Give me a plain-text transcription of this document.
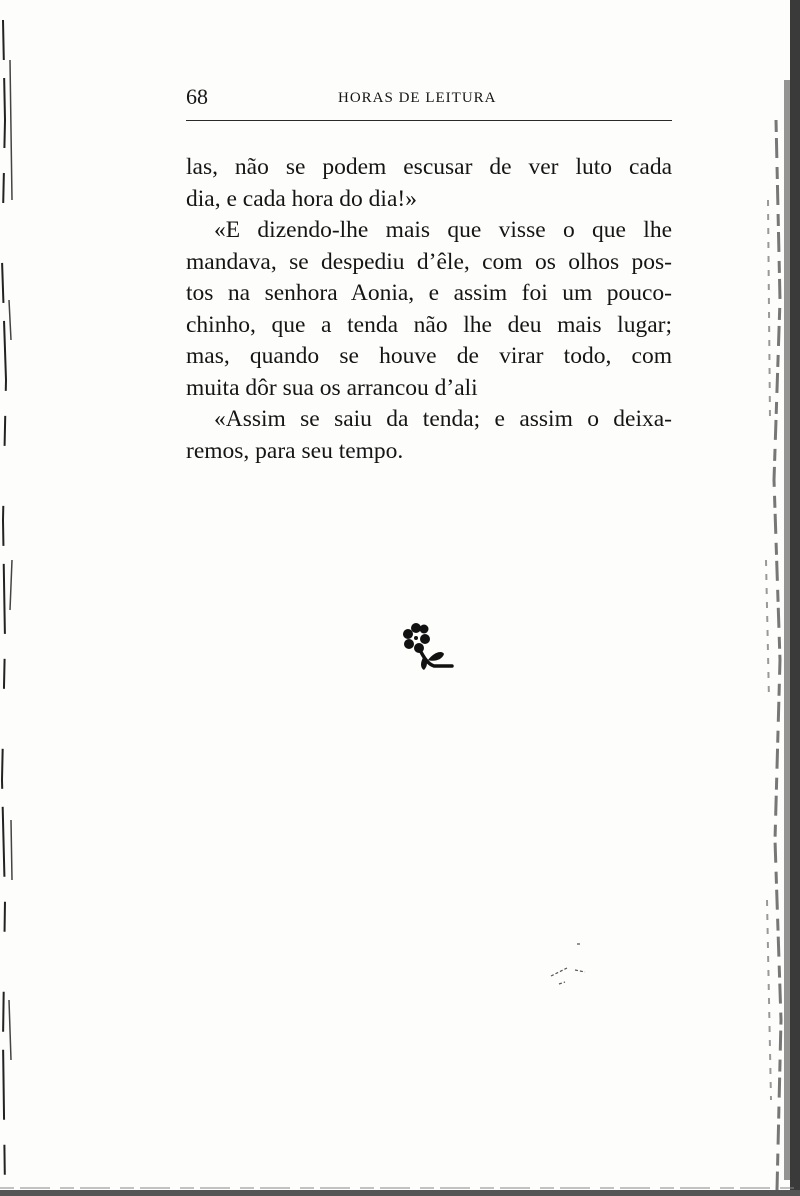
68	HORAS DE LEITURA
las, não se podem escusar de ver luto cada
dia, e cada hora do dia!»
«E dizendo-lhe mais que visse o que lhe
mandava, se despediu d’êle, com os olhos pos-
tos na senhora Aonia, e assim foi um pouco-
chinho, que a tenda não lhe deu mais lugar;
mas, quando se houve de virar todo, com
muita dôr sua os arrancou d’ali
«Assim se saiu da tenda; e assim o deixa-
remos, para seu tempo.
